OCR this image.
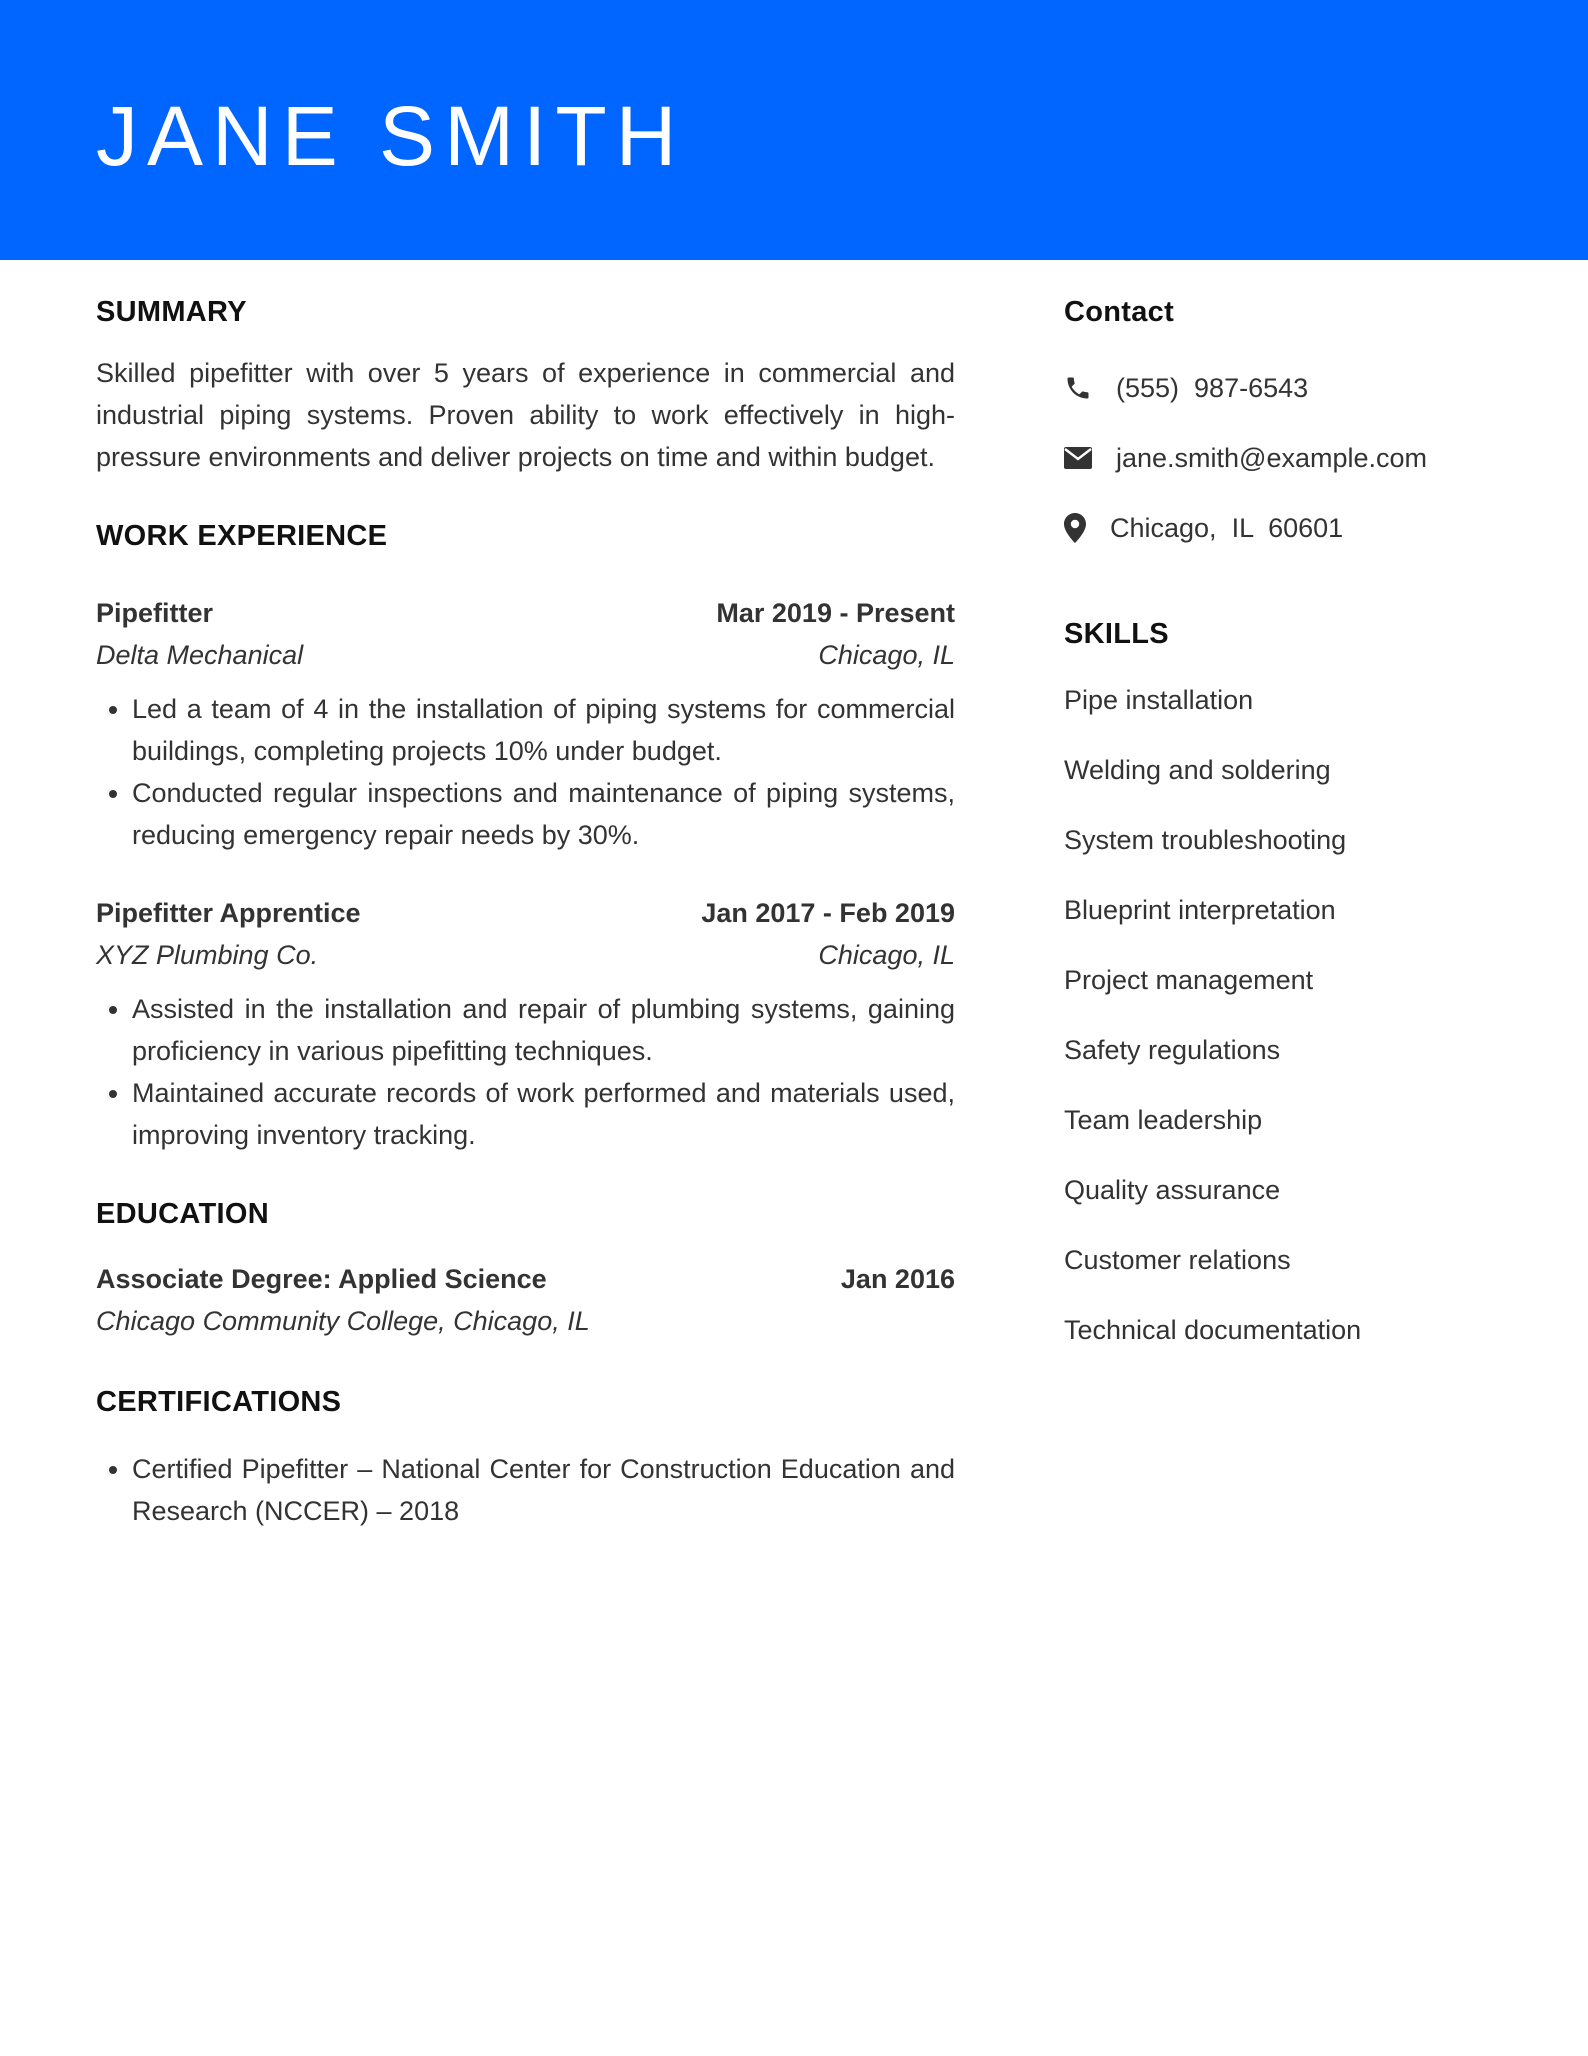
JANE SMITH
SUMMARY

Skilled pipefitter with over 5 years of experience in commercial and industrial piping systems. Proven ability to work effectively in high-pressure environments and deliver projects on time and within budget.

WORK EXPERIENCE
Pipefitter	Mar 2019 - Present
Delta Mechanical	Chicago, IL
• Led a team of 4 in the installation of piping systems for commercial buildings, completing projects 10% under budget.
• Conducted regular inspections and maintenance of piping systems, reducing emergency repair needs by 30%.
Pipefitter Apprentice	Jan 2017 - Feb 2019
XYZ Plumbing Co.	Chicago, IL
• Assisted in the installation and repair of plumbing systems, gaining proficiency in various pipefitting techniques.
• Maintained accurate records of work performed and materials used, improving inventory tracking.
EDUCATION
Associate Degree: Applied Science	Jan 2016
Chicago Community College, Chicago, IL
CERTIFICATIONS
• Certified Pipefitter – National Center for Construction Education and Research (NCCER) – 2018
Contact
(555)  987-6543
jane.smith@example.com
Chicago,  IL  60601
SKILLS
Pipe installation
Welding and soldering
System troubleshooting
Blueprint interpretation
Project management
Safety regulations
Team leadership
Quality assurance
Customer relations
Technical documentation
